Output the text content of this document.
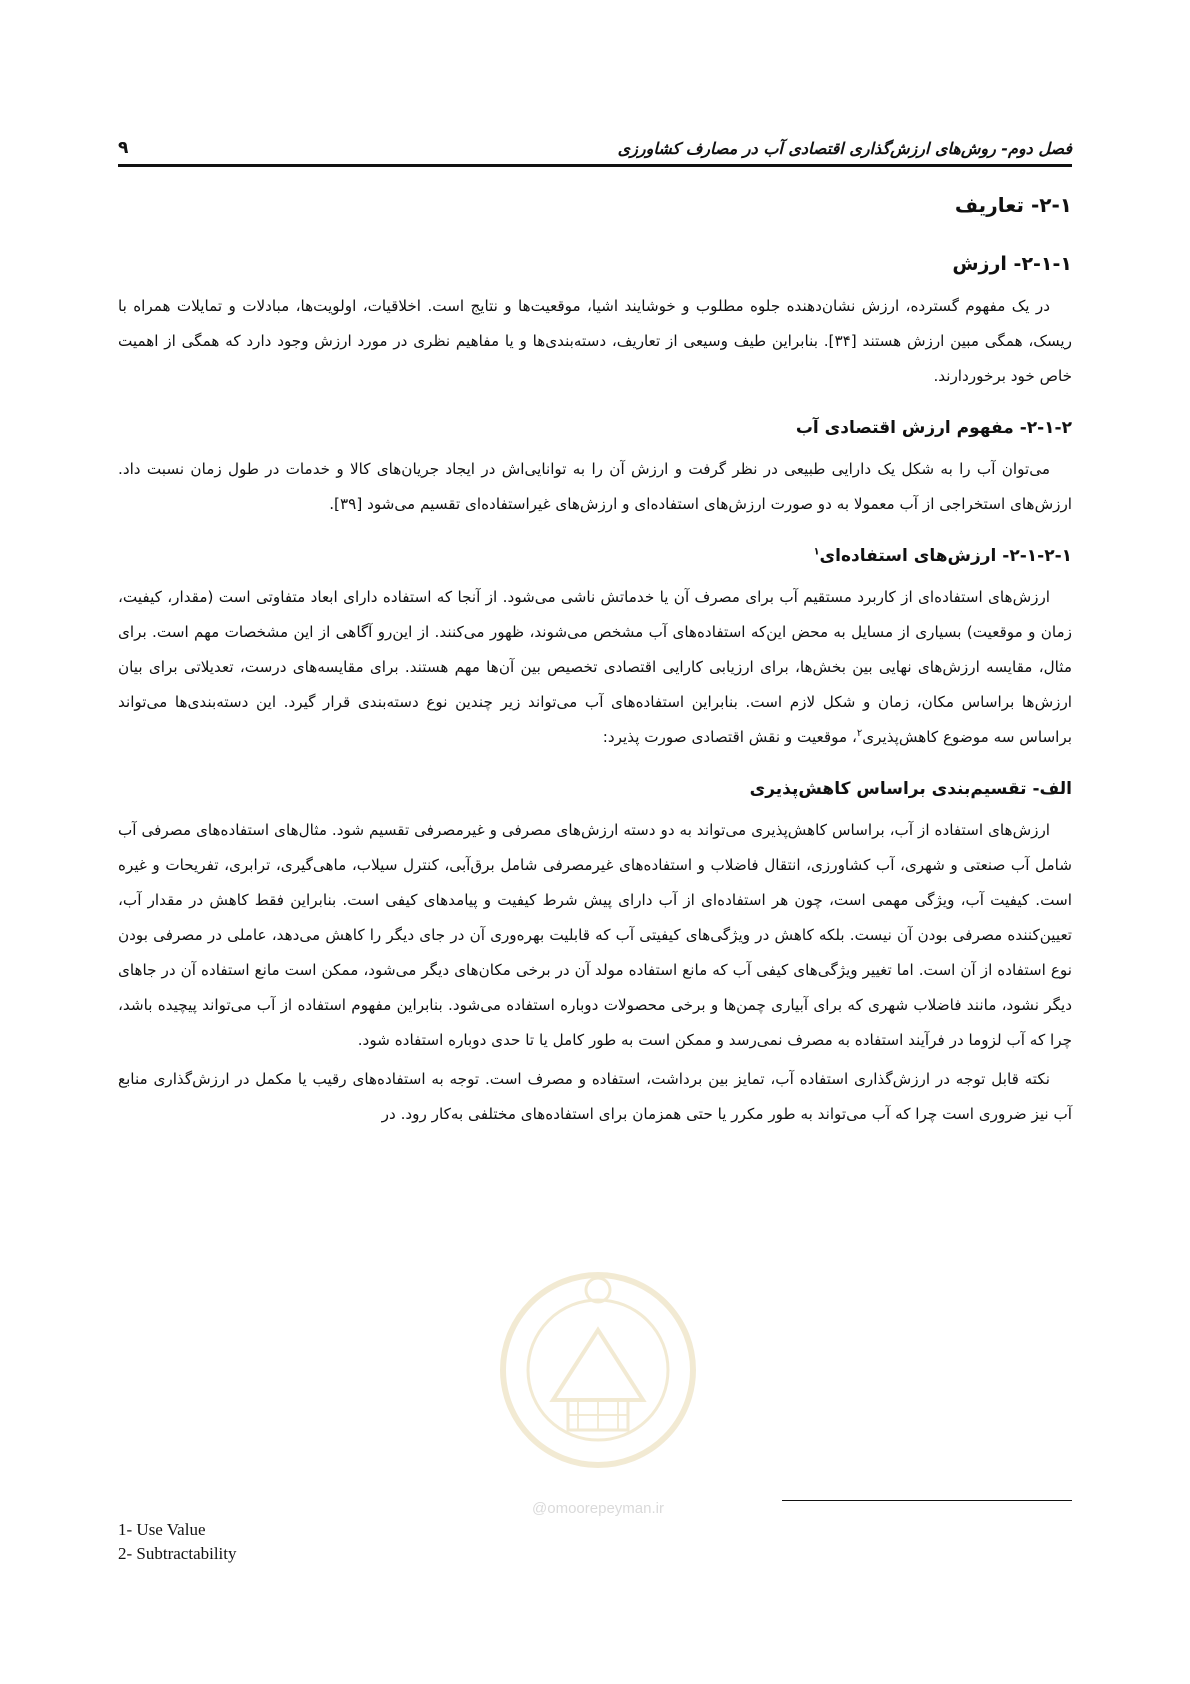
فصل دوم- روش‌های ارزش‌گذاری اقتصادی آب در مصارف کشاورزی
۹
۲-۱- تعاریف
۲-۱-۱- ارزش

در یک مفهوم گسترده، ارزش نشان‌دهنده جلوه مطلوب و خوشایند اشیا، موقعیت‌ها و نتایج است. اخلاقیات، اولویت‌ها، مبادلات و تمایلات همراه با ریسک، همگی مبین ارزش هستند [۳۴]. بنابراین طیف وسیعی از تعاریف، دسته‌بندی‌ها و یا مفاهیم نظری در مورد ارزش وجود دارد که همگی از اهمیت خاص خود برخوردارند.

۲-۱-۲- مفهوم ارزش اقتصادی آب

می‌توان آب را به شکل یک دارایی طبیعی در نظر گرفت و ارزش آن را به توانایی‌اش در ایجاد جریان‌های کالا و خدمات در طول زمان نسبت داد. ارزش‌های استخراجی از آب معمولا به دو صورت ارزش‌های استفاده‌ای و ارزش‌های غیراستفاده‌ای تقسیم می‌شود [۳۹].

۲-۱-۲-۱- ارزش‌های استفاده‌ای$^۱$

ارزش‌های استفاده‌ای از کاربرد مستقیم آب برای مصرف آن یا خدماتش ناشی می‌شود. از آنجا که استفاده دارای ابعاد متفاوتی است (مقدار، کیفیت، زمان و موقعیت) بسیاری از مسایل به محض این‌که استفاده‌های آب مشخص می‌شوند، ظهور می‌کنند. از این‌رو آگاهی از این مشخصات مهم است. برای مثال، مقایسه ارزش‌های نهایی بین بخش‌ها، برای ارزیابی کارایی اقتصادی تخصیص بین آن‌ها مهم هستند. برای مقایسه‌های درست، تعدیلاتی برای بیان ارزش‌ها براساس مکان، زمان و شکل لازم است. بنابراین استفاده‌های آب می‌تواند زیر چندین نوع دسته‌بندی قرار گیرد. این دسته‌بندی‌ها می‌تواند براساس سه موضوع کاهش‌پذیری$^۲$، موقعیت و نقش اقتصادی صورت پذیرد:

الف- تقسیم‌بندی براساس کاهش‌پذیری

ارزش‌های استفاده از آب، براساس کاهش‌پذیری می‌تواند به دو دسته ارزش‌های مصرفی و غیرمصرفی تقسیم شود. مثال‌های استفاده‌های مصرفی آب شامل آب صنعتی و شهری، آب کشاورزی، انتقال فاضلاب و استفاده‌های غیرمصرفی شامل برق‌آبی، کنترل سیلاب، ماهی‌گیری، ترابری، تفریحات و غیره است. کیفیت آب، ویژگی مهمی است، چون هر استفاده‌ای از آب دارای پیش شرط کیفیت و پیامدهای کیفی است. بنابراین فقط کاهش در مقدار آب، تعیین‌کننده مصرفی بودن آن نیست. بلکه کاهش در ویژگی‌های کیفیتی آب که قابلیت بهره‌وری آن در جای دیگر را کاهش می‌دهد، عاملی در مصرفی بودن نوع استفاده از آن است. اما تغییر ویژگی‌های کیفی آب که مانع استفاده مولد آن در برخی مکان‌های دیگر می‌شود، ممکن است مانع استفاده آن در جاهای دیگر نشود، مانند فاضلاب شهری که برای آبیاری چمن‌ها و برخی محصولات دوباره استفاده می‌شود. بنابراین مفهوم استفاده از آب می‌تواند پیچیده باشد، چرا که آب لزوما در فرآیند استفاده به مصرف نمی‌رسد و ممکن است به طور کامل یا تا حدی دوباره استفاده شود.

نکته قابل توجه در ارزش‌گذاری استفاده آب، تمایز بین برداشت، استفاده و مصرف است. توجه به استفاده‌های رقیب یا مکمل در ارزش‌گذاری منابع آب نیز ضروری است چرا که آب می‌تواند به طور مکرر یا حتی همزمان برای استفاده‌های مختلفی به‌کار رود. در

1- Use Value
2- Subtractability
@omoorepeyman.ir
